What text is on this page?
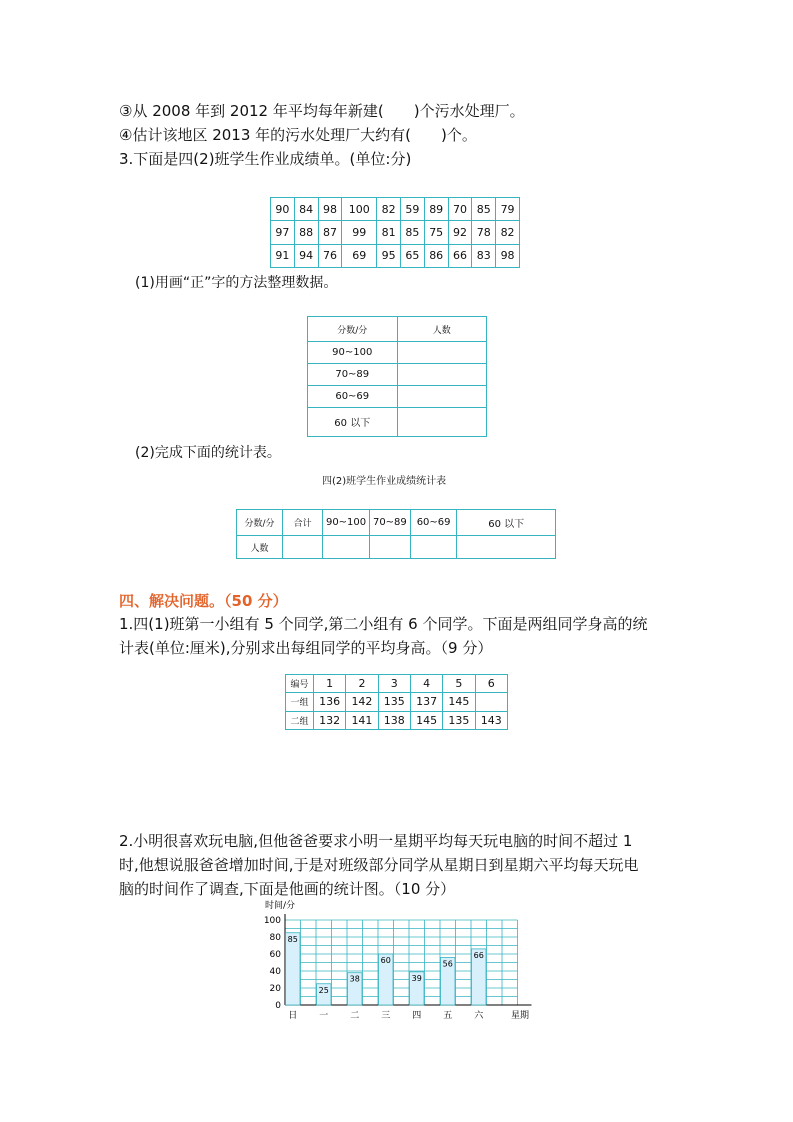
③从 2008 年到 2012 年平均每年新建(　　)个污水处理厂。
④估计该地区 2013 年的污水处理厂大约有(　　)个。
3.下面是四(2)班学生作业成绩单。(单位:分)
90	84	98	100	82	59	89	70	85	79
97	88	87	99	81	85	75	92	78	82
91	94	76	69	95	65	86	66	83	98
(1)用画“正”字的方法整理数据。
分数/分	人数
90~100	
70~89	
60~69	
60 以下	
(2)完成下面的统计表。
四(2)班学生作业成绩统计表
分数/分	合计	90~100	70~89	60~69	60 以下
人数					
四、解决问题。（50 分）
1.四(1)班第一小组有 5 个同学,第二小组有 6 个同学。下面是两组同学身高的统
计表(单位:厘米),分别求出每组同学的平均身高。（9 分）
编号	1	2	3	4	5	6
一组	136	142	135	137	145	
二组	132	141	138	145	135	143
2.小明很喜欢玩电脑,但他爸爸要求小明一星期平均每天玩电脑的时间不超过 1
时,他想说服爸爸增加时间,于是对班级部分同学从星期日到星期六平均每天玩电
脑的时间作了调查,下面是他画的统计图。（10 分）
时间/分
85
25
38
60
39
56
66
0
20
40
60
80
100
日 一 二 三 四 五 六	星期
